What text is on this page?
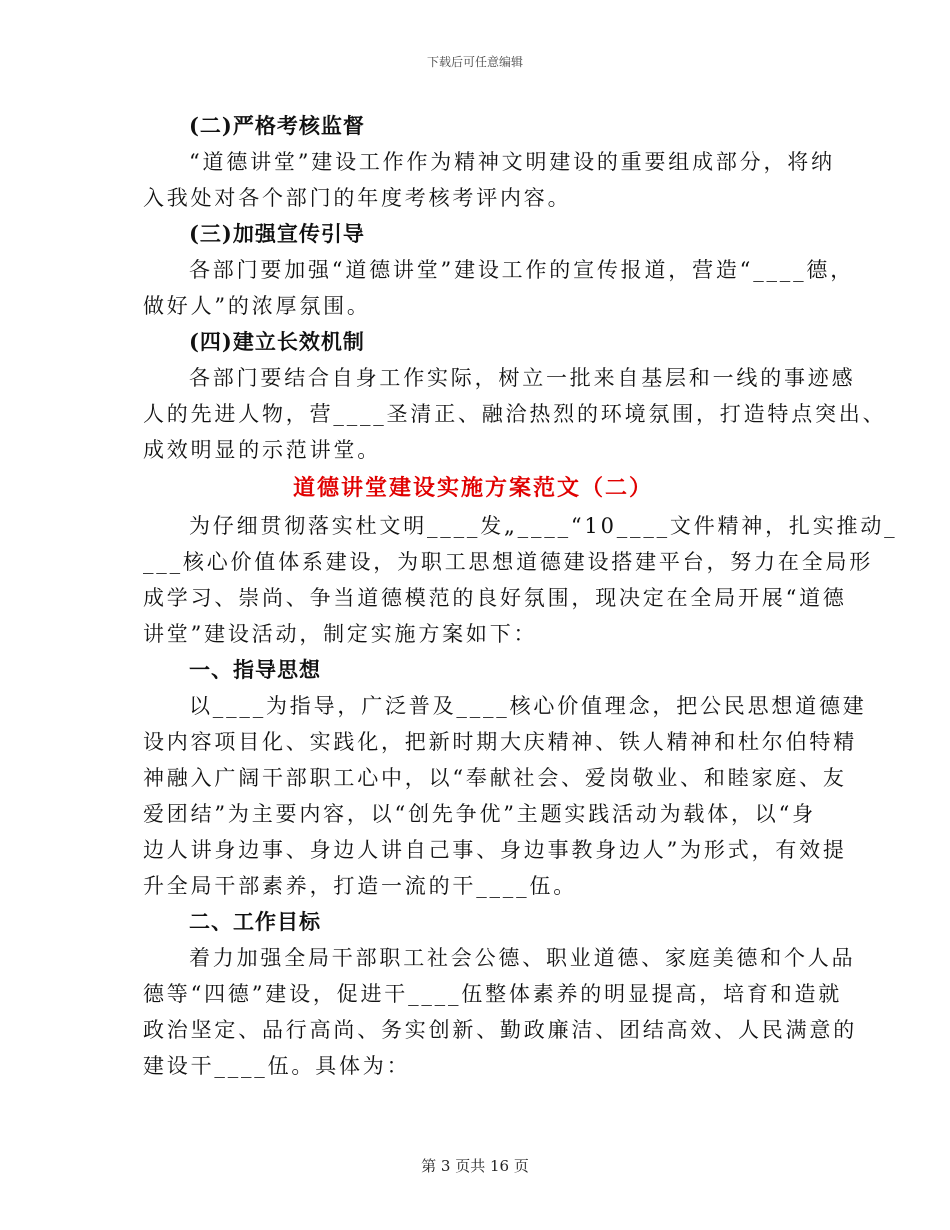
下载后可任意编辑
(二)严格考核监督
“道德讲堂”建设工作作为精神文明建设的重要组成部分，将纳
入我处对各个部门的年度考核考评内容。
(三)加强宣传引导
各部门要加强“道德讲堂”建设工作的宣传报道，营造“____德，
做好人”的浓厚氛围。
(四)建立长效机制
各部门要结合自身工作实际，树立一批来自基层和一线的事迹感
人的先进人物，营____圣清正、融洽热烈的环境氛围，打造特点突出、
成效明显的示范讲堂。
道德讲堂建设实施方案范文（二）
为仔细贯彻落实杜文明____发„____“10____文件精神，扎实推动_
___核心价值体系建设，为职工思想道德建设搭建平台，努力在全局形
成学习、崇尚、争当道德模范的良好氛围，现决定在全局开展“道德
讲堂”建设活动，制定实施方案如下：
一、指导思想
以____为指导，广泛普及____核心价值理念，把公民思想道德建
设内容项目化、实践化，把新时期大庆精神、铁人精神和杜尔伯特精
神融入广阔干部职工心中，以“奉献社会、爱岗敬业、和睦家庭、友
爱团结”为主要内容，以“创先争优”主题实践活动为载体，以“身
边人讲身边事、身边人讲自己事、身边事教身边人”为形式，有效提
升全局干部素养，打造一流的干____伍。
二、工作目标
着力加强全局干部职工社会公德、职业道德、家庭美德和个人品
德等“四德”建设，促进干____伍整体素养的明显提高，培育和造就
政治坚定、品行高尚、务实创新、勤政廉洁、团结高效、人民满意的
建设干____伍。具体为：
第 3 页共 16 页
